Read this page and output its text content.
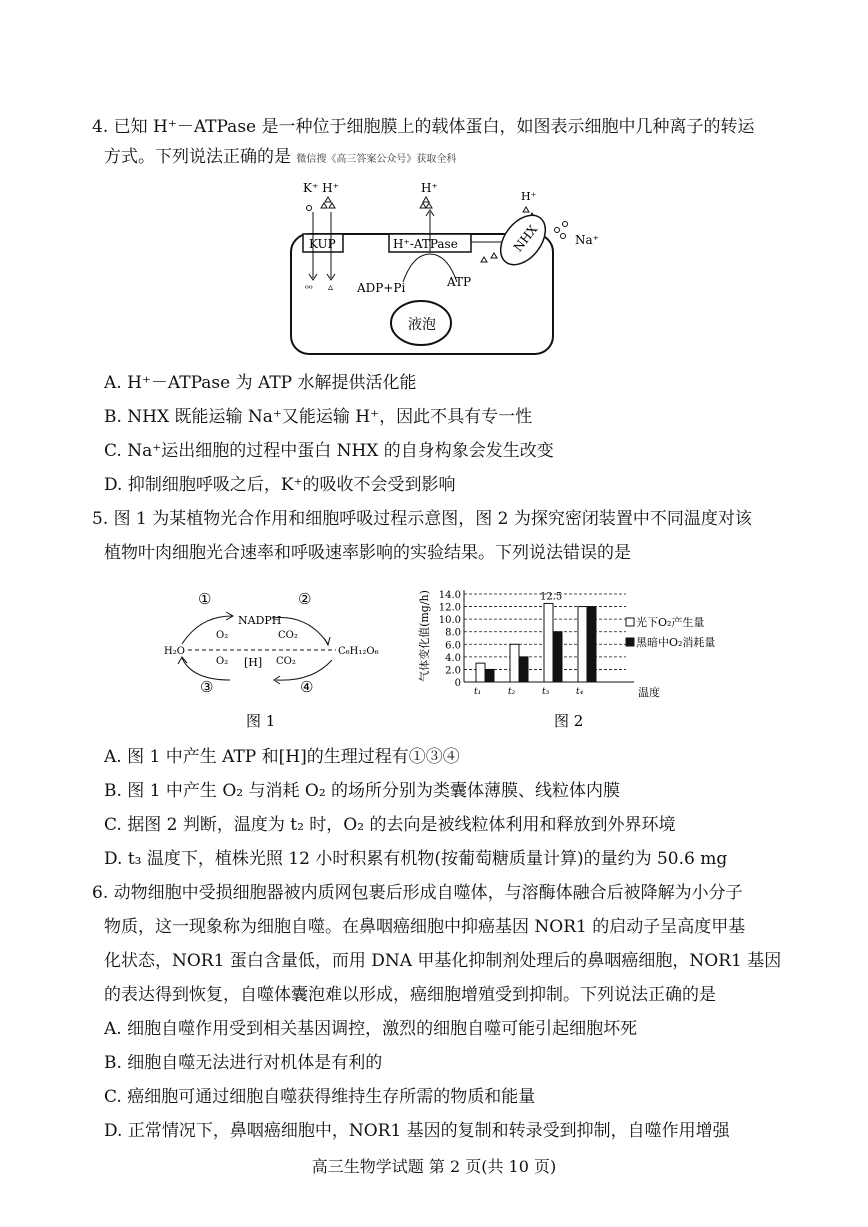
4. 已知 H⁺－ATPase 是一种位于细胞膜上的载体蛋白，如图表示细胞中几种离子的转运
方式。下列说法正确的是 微信搜《高三答案公众号》获取全科
K⁺ H⁺	H⁺
H⁺
Na⁺
KUP
ᵒᵒ ▵
H⁺-ATPase
ADP+Pi	ATP
NHX
液泡
A. H⁺－ATPase 为 ATP 水解提供活化能
B. NHX 既能运输 Na⁺又能运输 H⁺，因此不具有专一性
C. Na⁺运出细胞的过程中蛋白 NHX 的自身构象会发生改变
D. 抑制细胞呼吸之后，K⁺的吸收不会受到影响
5. 图 1 为某植物光合作用和细胞呼吸过程示意图，图 2 为探究密闭装置中不同温度对该
植物叶肉细胞光合速率和呼吸速率影响的实验结果。下列说法错误的是
①	②
NADPH
O₂	CO₂
H₂O	C₆H₁₂O₆
O₂ [H] CO₂
③	④
图 1
气体变化值(mg/h)
0
2.0
4.0
6.0
8.0
10.0
12.0
14.0
温度
t₁	t₂	t₃	t₄
12.5
光下O₂产生量
黑暗中O₂消耗量
图 2
A. 图 1 中产生 ATP 和[H]的生理过程有①③④
B. 图 1 中产生 O₂ 与消耗 O₂ 的场所分别为类囊体薄膜、线粒体内膜
C. 据图 2 判断，温度为 t₂ 时，O₂ 的去向是被线粒体利用和释放到外界环境
D. t₃ 温度下，植株光照 12 小时积累有机物(按葡萄糖质量计算)的量约为 50.6 mg
6. 动物细胞中受损细胞器被内质网包裹后形成自噬体，与溶酶体融合后被降解为小分子
物质，这一现象称为细胞自噬。在鼻咽癌细胞中抑癌基因 NOR1 的启动子呈高度甲基
化状态，NOR1 蛋白含量低，而用 DNA 甲基化抑制剂处理后的鼻咽癌细胞，NOR1 基因
的表达得到恢复，自噬体囊泡难以形成，癌细胞增殖受到抑制。下列说法正确的是
A. 细胞自噬作用受到相关基因调控，激烈的细胞自噬可能引起细胞坏死
B. 细胞自噬无法进行对机体是有利的
C. 癌细胞可通过细胞自噬获得维持生存所需的物质和能量
D. 正常情况下，鼻咽癌细胞中，NOR1 基因的复制和转录受到抑制，自噬作用增强
高三生物学试题 第 2 页(共 10 页)
